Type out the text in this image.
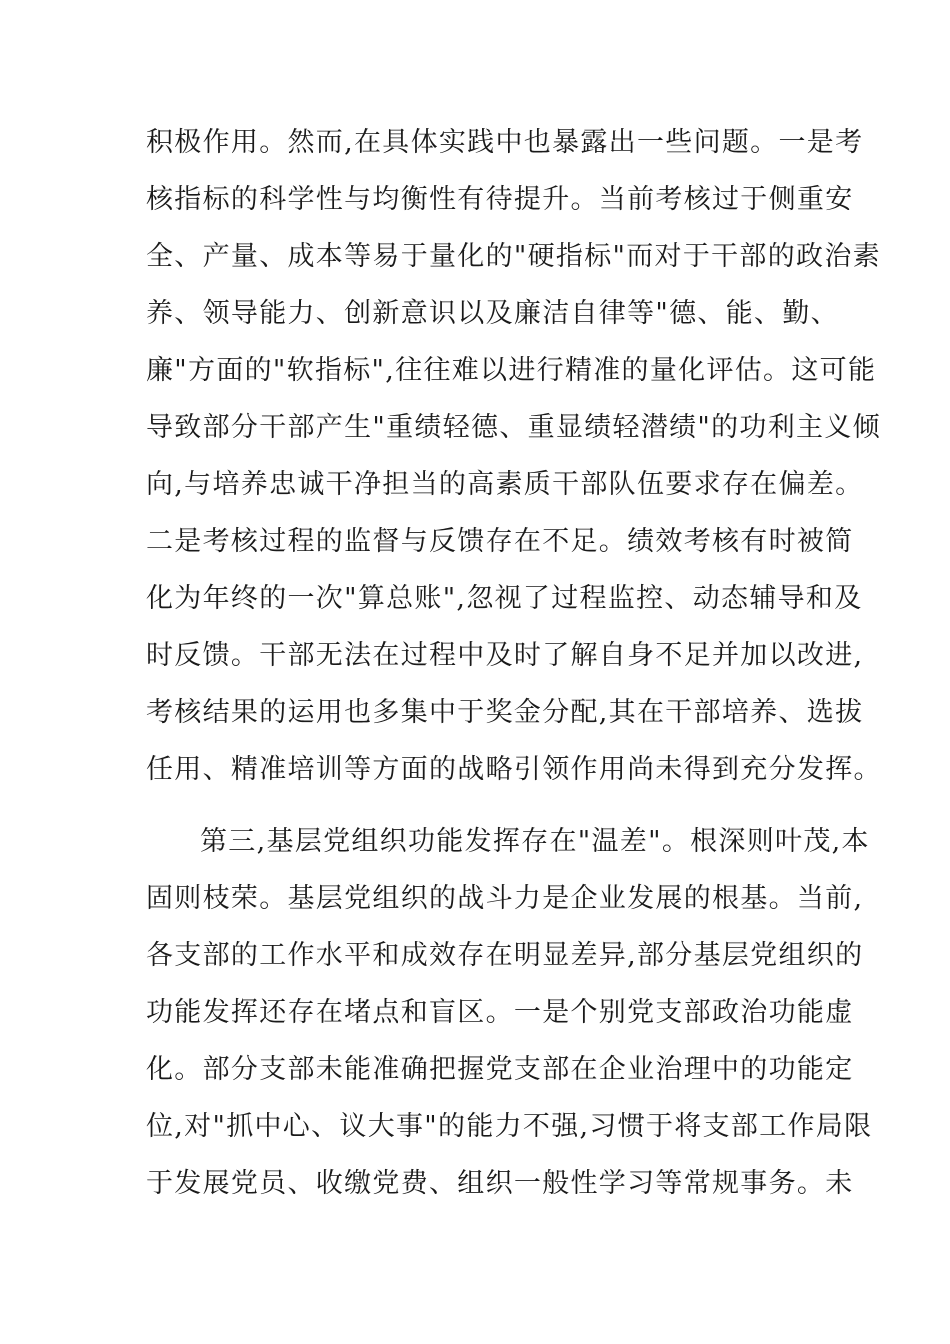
积极作用。然而,在具体实践中也暴露出一些问题。一是考

核指标的科学性与均衡性有待提升。当前考核过于侧重安

全、产量、成本等易于量化的"硬指标"而对于干部的政治素

养、领导能力、创新意识以及廉洁自律等"德、能、勤、

廉"方面的"软指标",往往难以进行精准的量化评估。这可能

导致部分干部产生"重绩轻德、重显绩轻潜绩"的功利主义倾

向,与培养忠诚干净担当的高素质干部队伍要求存在偏差。

二是考核过程的监督与反馈存在不足。绩效考核有时被简

化为年终的一次"算总账",忽视了过程监控、动态辅导和及

时反馈。干部无法在过程中及时了解自身不足并加以改进,

考核结果的运用也多集中于奖金分配,其在干部培养、选拔

任用、精准培训等方面的战略引领作用尚未得到充分发挥。

第三,基层党组织功能发挥存在"温差"。根深则叶茂,本

固则枝荣。基层党组织的战斗力是企业发展的根基。当前,

各支部的工作水平和成效存在明显差异,部分基层党组织的

功能发挥还存在堵点和盲区。一是个别党支部政治功能虚

化。部分支部未能准确把握党支部在企业治理中的功能定

位,对"抓中心、议大事"的能力不强,习惯于将支部工作局限

于发展党员、收缴党费、组织一般性学习等常规事务。未
